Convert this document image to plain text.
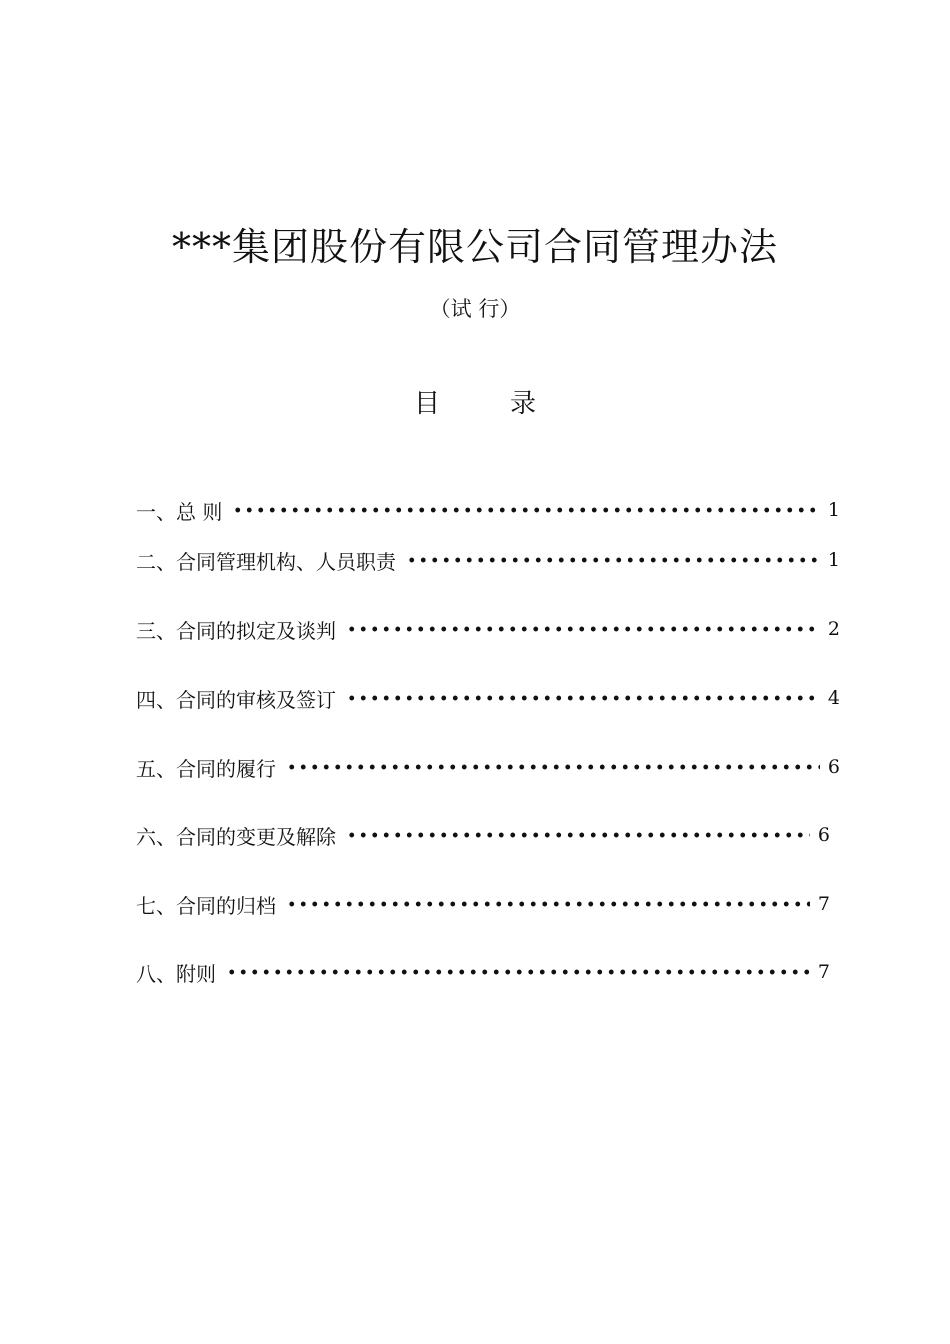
***集团股份有限公司合同管理办法
（试 行）
目	录
一、总 则	1
二、合同管理机构、人员职责	1
三、合同的拟定及谈判	2
四、合同的审核及签订	4
五、合同的履行	6
六、合同的变更及解除	6
七、合同的归档	7
八、附则	7
